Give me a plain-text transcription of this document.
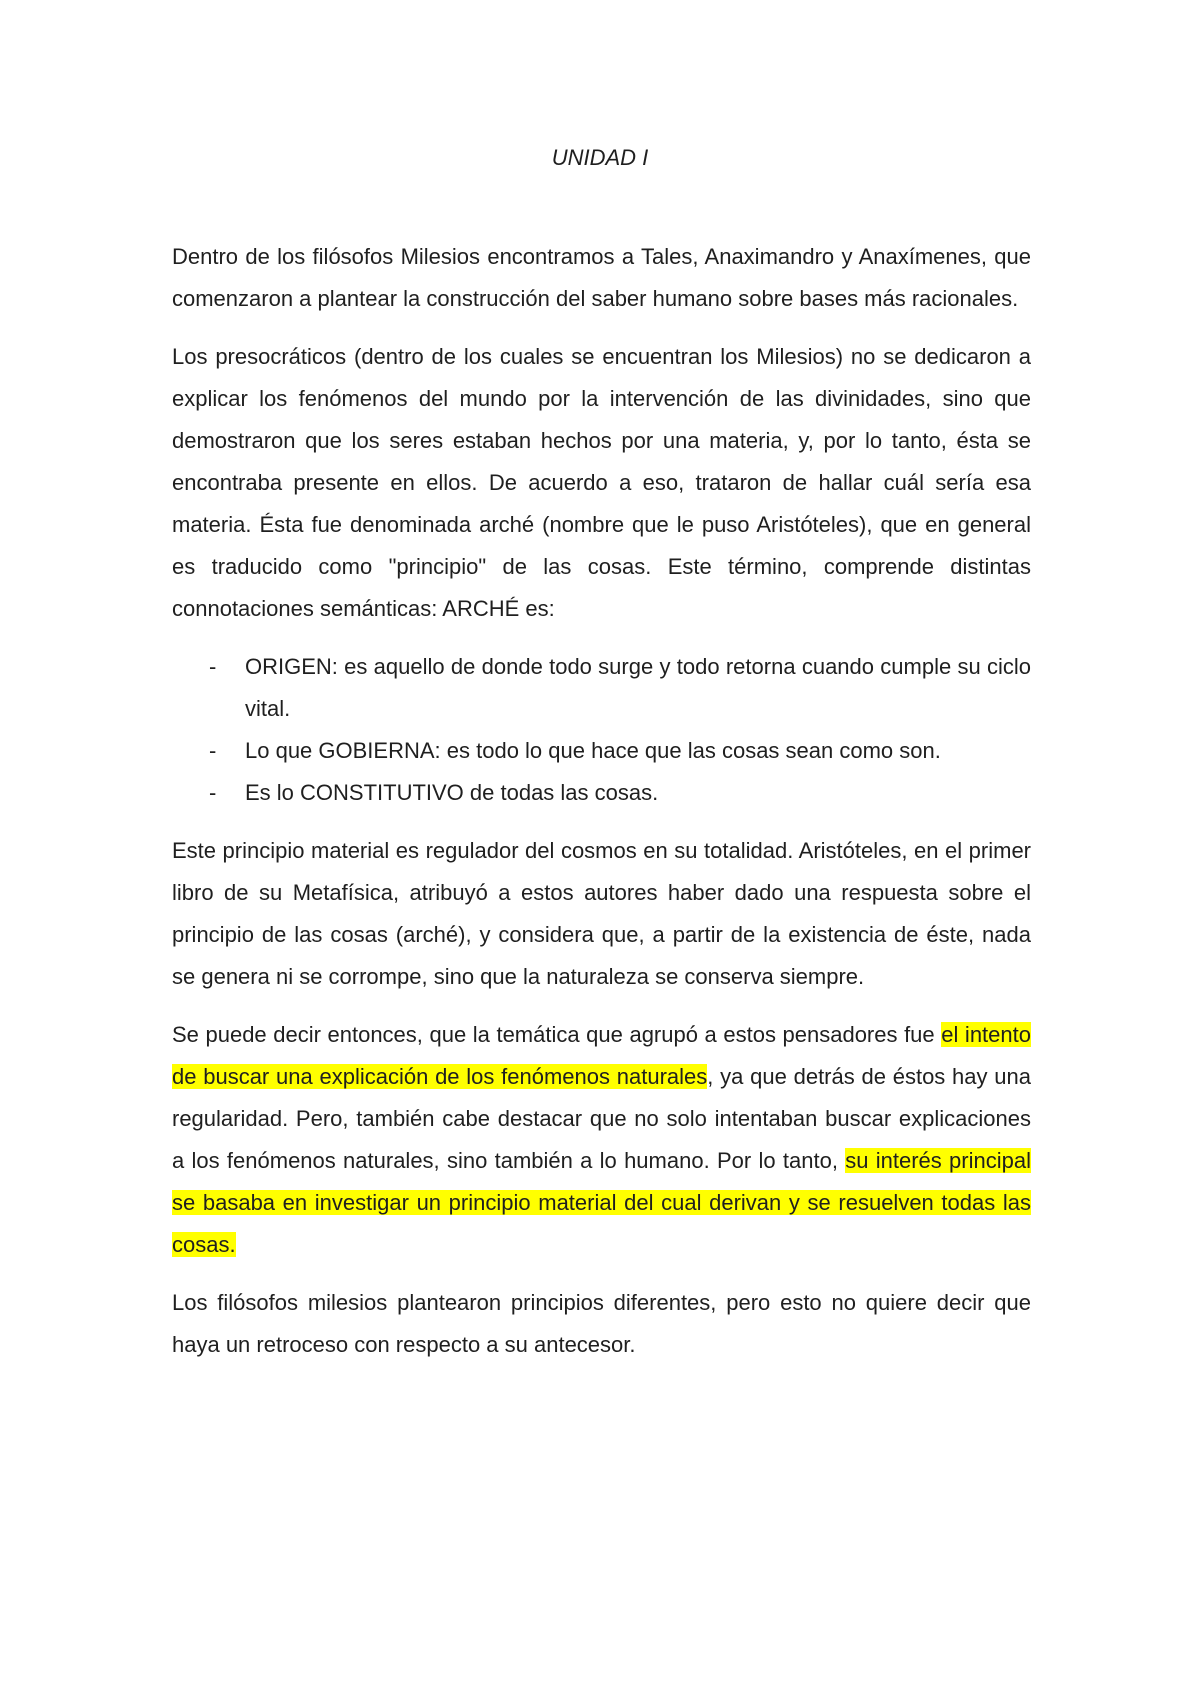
UNIDAD I

Dentro de los filósofos Milesios encontramos a Tales, Anaximandro y Anaxímenes, que comenzaron a plantear la construcción del saber humano sobre bases más racionales.

Los presocráticos (dentro de los cuales se encuentran los Milesios) no se dedicaron a explicar los fenómenos del mundo por la intervención de las divinidades, sino que demostraron que los seres estaban hechos por una materia, y, por lo tanto, ésta se encontraba presente en ellos. De acuerdo a eso, trataron de hallar cuál sería esa materia. Ésta fue denominada arché (nombre que le puso Aristóteles), que en general es traducido como "principio" de las cosas. Este término, comprende distintas connotaciones semánticas: ARCHÉ es:

- ORIGEN: es aquello de donde todo surge y todo retorna cuando cumple su ciclo vital.
- Lo que GOBIERNA: es todo lo que hace que las cosas sean como son.
- Es lo CONSTITUTIVO de todas las cosas.

Este principio material es regulador del cosmos en su totalidad. Aristóteles, en el primer libro de su Metafísica, atribuyó a estos autores haber dado una respuesta sobre el principio de las cosas (arché), y considera que, a partir de la existencia de éste, nada se genera ni se corrompe, sino que la naturaleza se conserva siempre.

Se puede decir entonces, que la temática que agrupó a estos pensadores fue el intento de buscar una explicación de los fenómenos naturales, ya que detrás de éstos hay una regularidad. Pero, también cabe destacar que no solo intentaban buscar explicaciones a los fenómenos naturales, sino también a lo humano. Por lo tanto, su interés principal se basaba en investigar un principio material del cual derivan y se resuelven todas las cosas.

Los filósofos milesios plantearon principios diferentes, pero esto no quiere decir que haya un retroceso con respecto a su antecesor.
